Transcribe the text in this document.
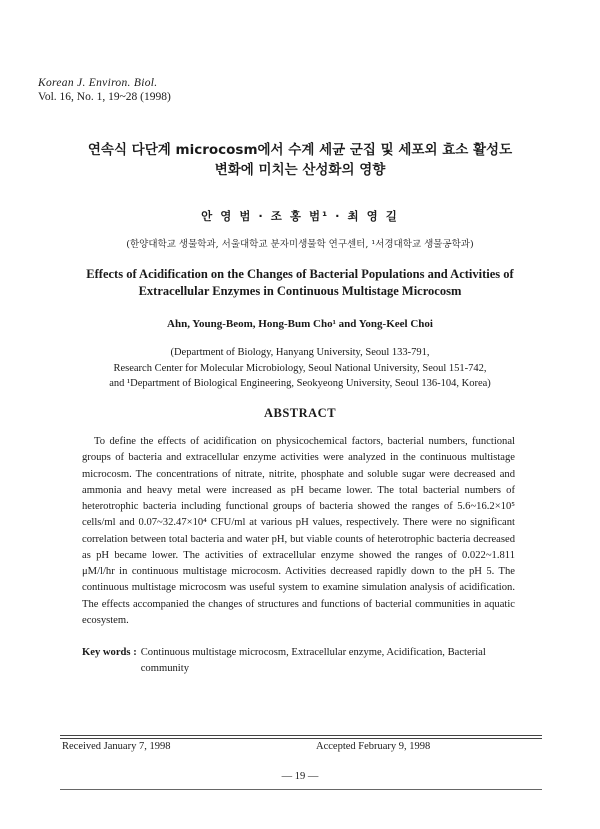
Korean J. Environ. Biol.
Vol. 16, No. 1, 19~28 (1998)
연속식 다단계 microcosm에서 수계 세균 군집 및 세포외 효소 활성도
변화에 미치는 산성화의 영향
안 영 범 · 조 홍 범¹ · 최 영 길
(한양대학교 생물학과, 서울대학교 분자미생물학 연구센터, ¹서경대학교 생물공학과)
Effects of Acidification on the Changes of Bacterial Populations and Activities of
Extracellular Enzymes in Continuous Multistage Microcosm
Ahn, Young-Beom, Hong-Bum Cho¹ and Yong-Keel Choi
(Department of Biology, Hanyang University, Seoul 133-791,
Research Center for Molecular Microbiology, Seoul National University, Seoul 151-742,
and ¹Department of Biological Engineering, Seokyeong University, Seoul 136-104, Korea)
ABSTRACT

To define the effects of acidification on physicochemical factors, bacterial numbers, functional groups of bacteria and extracellular enzyme activities were analyzed in the continuous multistage microcosm. The concentrations of nitrate, nitrite, phosphate and soluble sugar were decreased and ammonia and heavy metal were increased as pH became lower. The total bacterial numbers of heterotrophic bacteria including functional groups of bacteria showed the ranges of 5.6~16.2×10⁵ cells/ml and 0.07~32.47×10⁴ CFU/ml at various pH values, respectively. There were no significant correlation between total bacteria and water pH, but viable counts of heterotrophic bacteria decreased as pH became lower. The activities of extracellular enzyme showed the ranges of 0.022~1.811 μM/l/hr in continuous multistage microcosm. Activities decreased rapidly down to the pH 5. The continuous multistage microcosm was useful system to examine simulation analysis of acidification. The effects accompanied the changes of structures and functions of bacterial communities in aquatic ecosystem.

Key words : Continuous multistage microcosm, Extracellular enzyme, Acidification, Bacterial community
Received January 7, 1998	Accepted February 9, 1998
— 19 —
